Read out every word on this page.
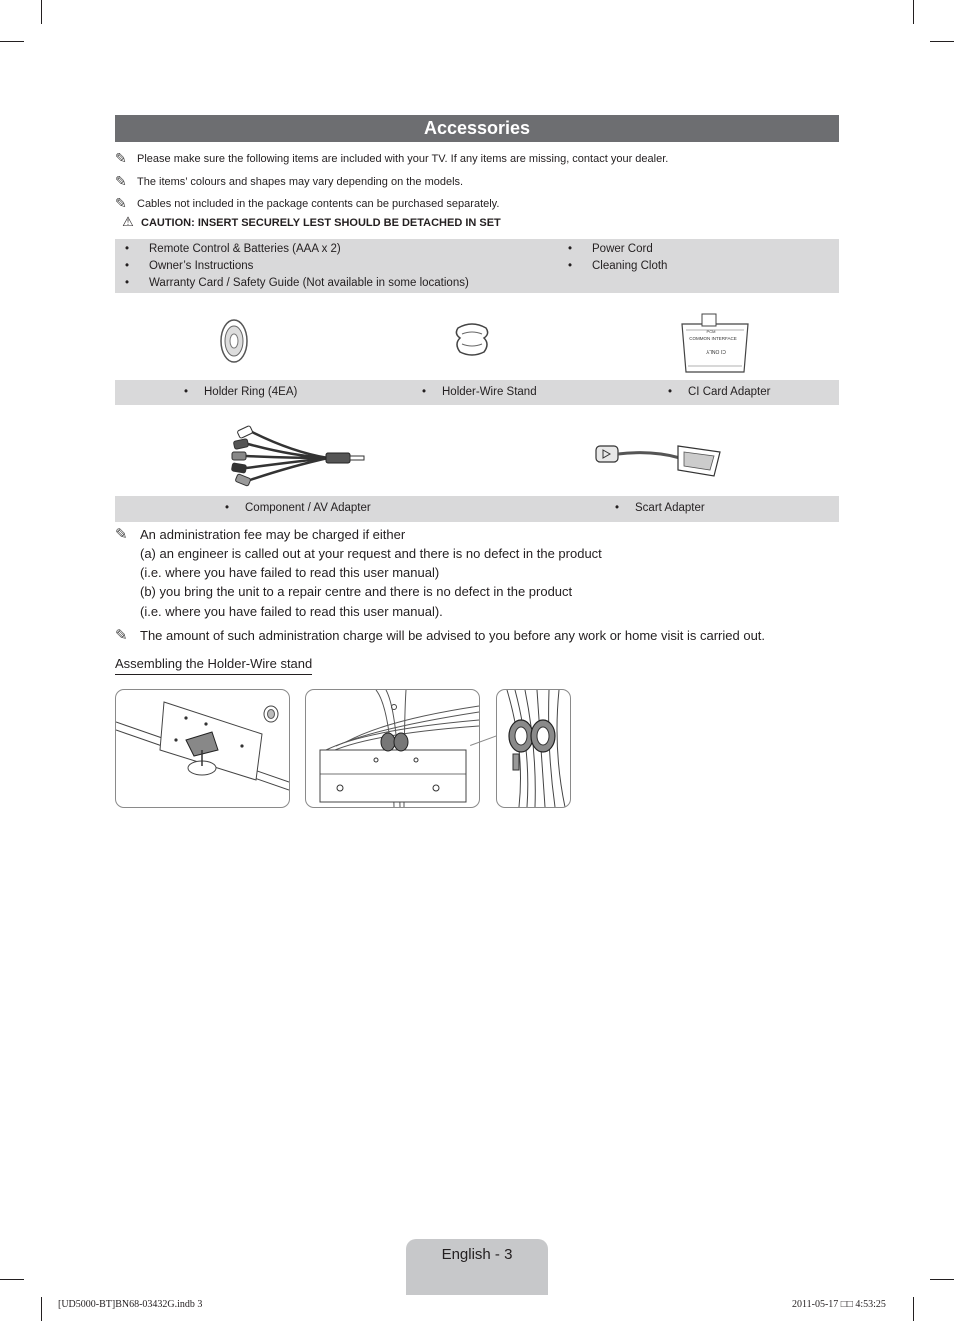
Accessories
✎ Please make sure the following items are included with your TV. If any items are missing, contact your dealer.
✎ The items’ colours and shapes may vary depending on the models.
✎ Cables not included in the package contents can be purchased separately.
⚠ CAUTION: INSERT SECURELY LEST SHOULD BE DETACHED IN SET
• Remote Control & Batteries (AAA x 2)
• Owner’s Instructions
• Warranty Card / Safety Guide (Not available in some locations)
• Power Cord
• Cleaning Cloth
PCM
COMMON INTERFACE
CI ONLY
• Holder Ring (4EA)	• Holder-Wire Stand	• CI Card Adapter
• Component / AV Adapter	• Scart Adapter
✎ An administration fee may be charged if either
(a) an engineer is called out at your request and there is no defect in the product
(i.e. where you have failed to read this user manual)
(b) you bring the unit to a repair centre and there is no defect in the product
(i.e. where you have failed to read this user manual).
✎ The amount of such administration charge will be advised to you before any work or home visit is carried out.
Assembling the Holder-Wire stand
English - 3
[UD5000-BT]BN68-03432G.indb 3	2011-05-17 □□ 4:53:25
